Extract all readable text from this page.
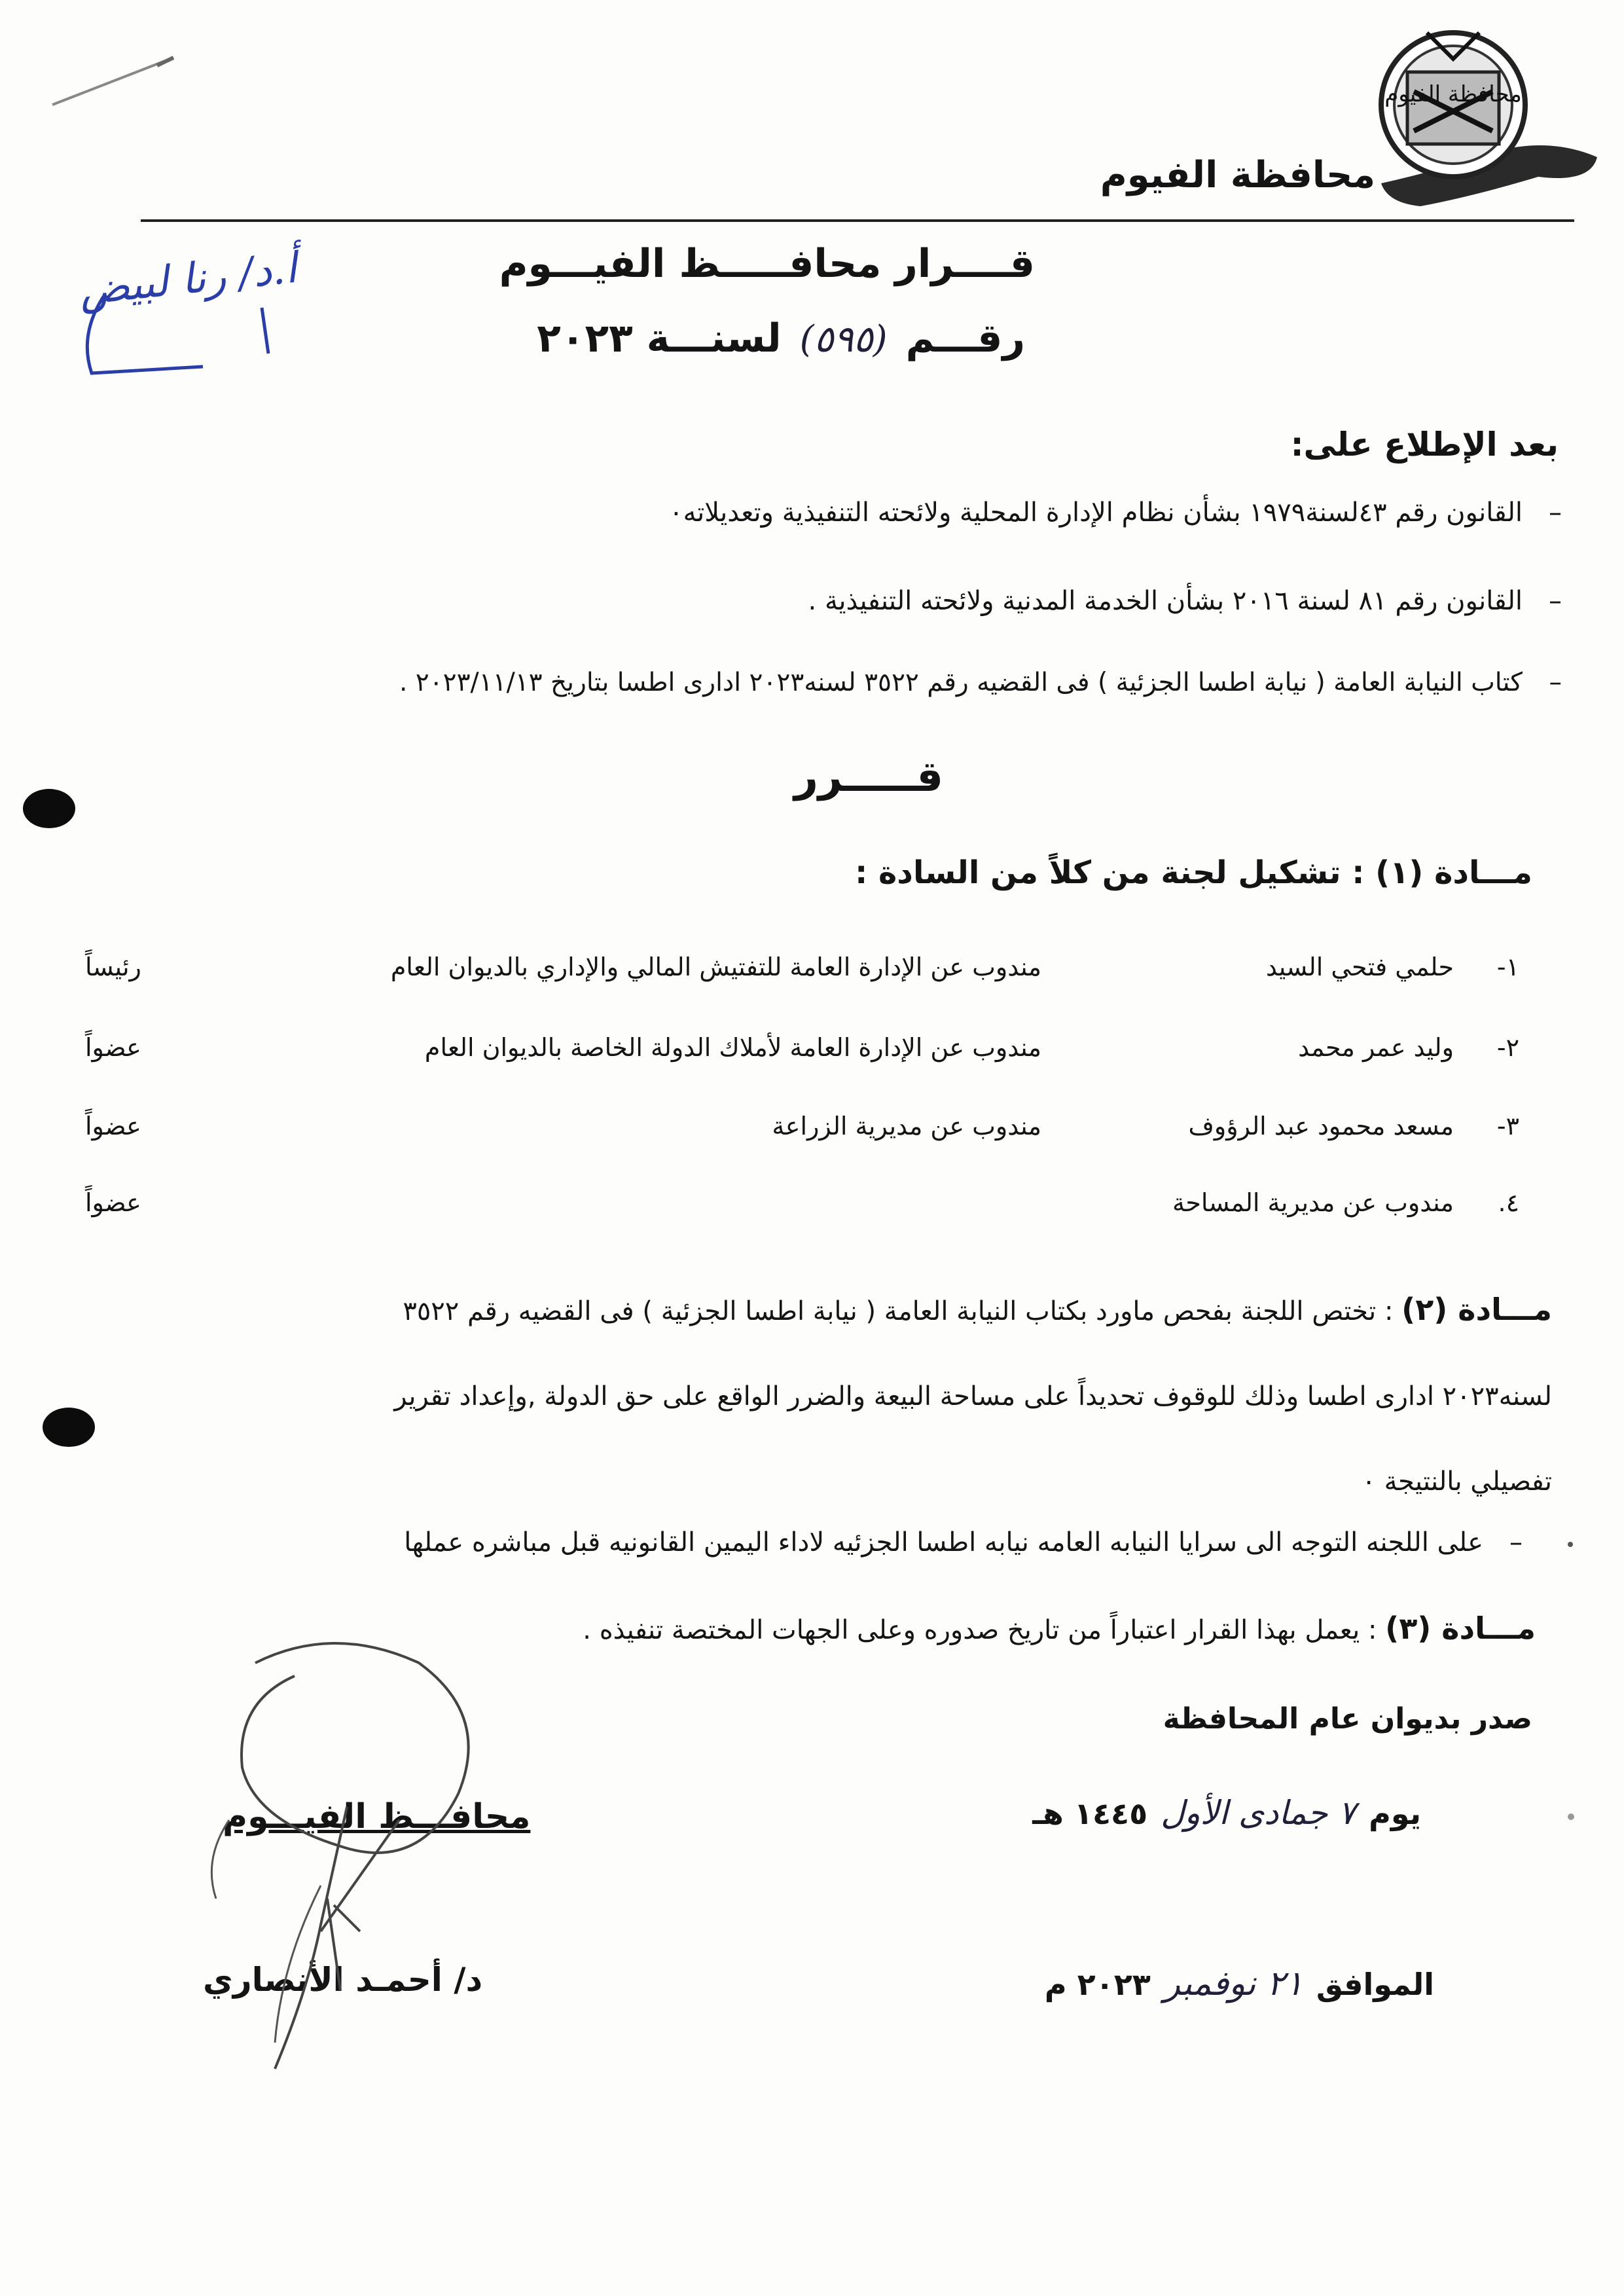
محافظة الفيوم
محافظة الفيوم
قــــرار محافـــــظ الفيـــوم
رقـــم
(٥٩٥)
لسنـــة ٢٠٢٣
أ.د/ رنا لبيض
بعد الإطلاع على:
– القانون رقم ٤٣لسنة١٩٧٩ بشأن نظام الإدارة المحلية ولائحته التنفيذية وتعديلاته٠
– القانون رقم ٨١ لسنة ٢٠١٦ بشأن الخدمة المدنية ولائحته التنفيذية .
– كتاب النيابة العامة ( نيابة اطسا الجزئية ) فى القضيه رقم ٣٥٢٢ لسنه٢٠٢٣ ادارى اطسا بتاريخ ٢٠٢٣/١١/١٣ .
قـــــرر
مـــادة (١) : تشكيل لجنة من كلاً من السادة :
١-
حلمي فتحي السيد
مندوب عن الإدارة العامة للتفتيش المالي والإداري بالديوان العام
رئيساً
٢-
وليد عمر محمد
مندوب عن الإدارة العامة لأملاك الدولة الخاصة بالديوان العام
عضواً
٣-
مسعد محمود عبد الرؤوف
مندوب عن مديرية الزراعة
عضواً
٤.
مندوب عن مديرية المساحة
عضواً
مـــادة (٢) : تختص اللجنة بفحص ماورد بكتاب النيابة العامة ( نيابة اطسا الجزئية ) فى القضيه رقم ٣٥٢٢
لسنه٢٠٢٣ ادارى اطسا وذلك للوقوف تحديداً على مساحة البيعة والضرر الواقع على حق الدولة ,وإعداد تقرير
تفصيلي بالنتيجة ٠
– على اللجنه التوجه الى سرايا النيابه العامه نيابه اطسا الجزئيه لاداء اليمين القانونيه قبل مباشره عملها
مـــادة (٣) : يعمل بهذا القرار اعتباراً من تاريخ صدوره وعلى الجهات المختصة تنفيذه .
صدر بديوان عام المحافظة
يوم
٧ جمادى الأول
١٤٤٥ هـ
الموافق
٢١ نوفمبر
٢٠٢٣ م
محافـــظ الفيـــوم
د/ أحمـد الأنصاري
